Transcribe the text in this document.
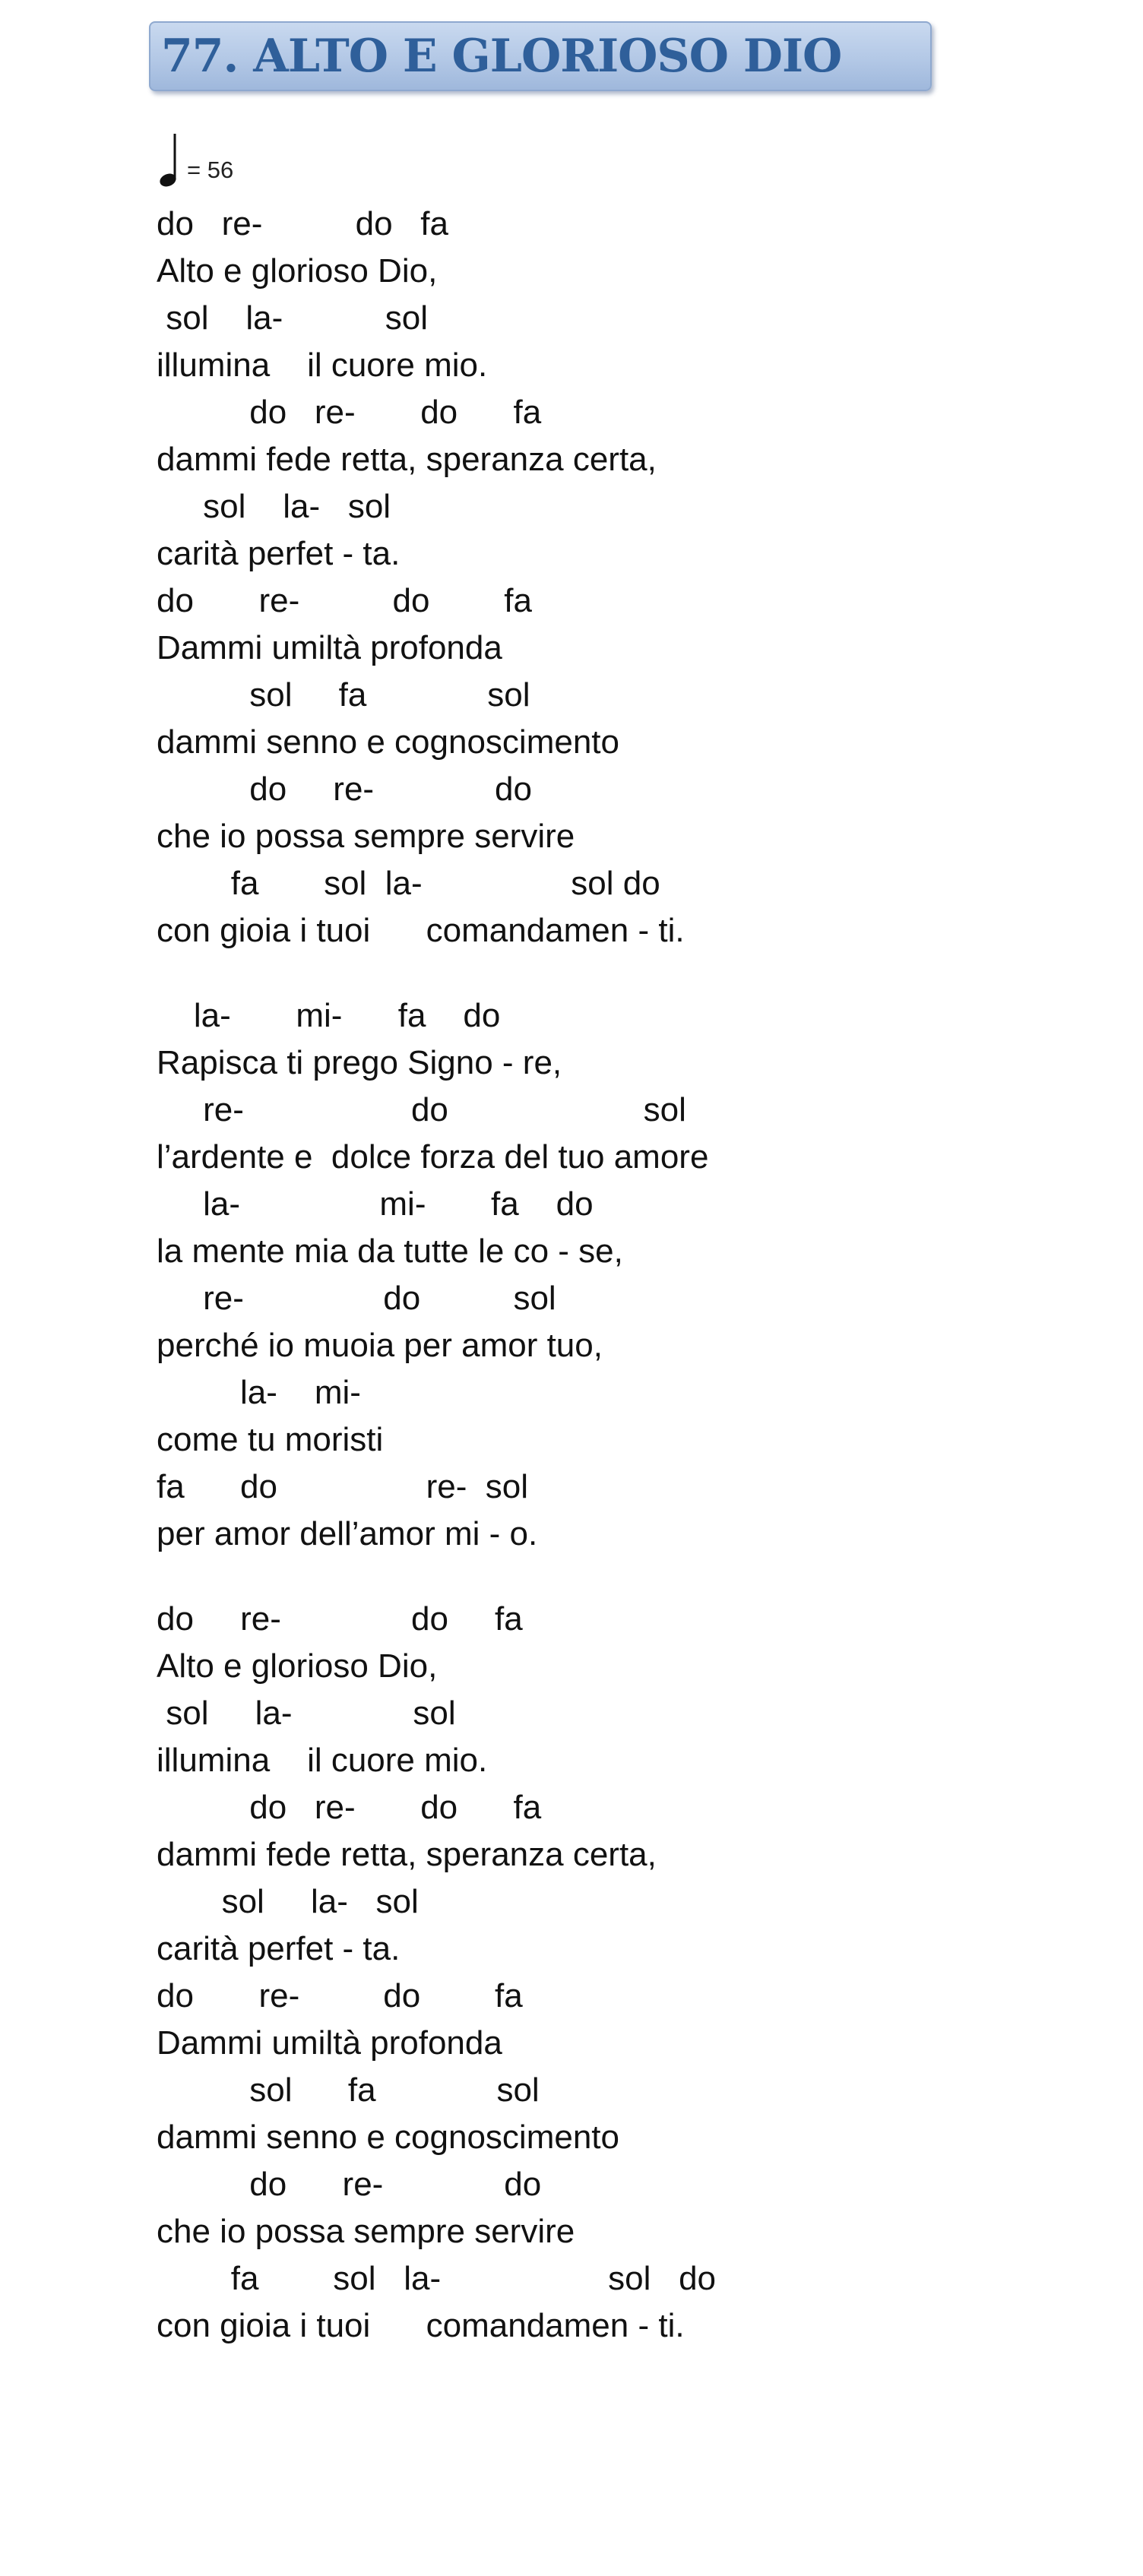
77. ALTO E GLORIOSO DIO
= 56
do   re-          do   fa
Alto e glorioso Dio,
sol    la-           sol
illumina    il cuore mio.
do   re-       do      fa
dammi fede retta, speranza certa,
sol    la-   sol
carità perfet - ta.
do       re-          do        fa
Dammi umiltà profonda
sol     fa             sol
dammi senno e cognoscimento
do     re-             do
che io possa sempre servire
fa       sol  la-                sol do
con gioia i tuoi      comandamen - ti.
la-       mi-      fa    do
Rapisca ti prego Signo - re,
re-                  do                     sol
l’ardente e  dolce forza del tuo amore
la-               mi-       fa    do
la mente mia da tutte le co - se,
re-               do          sol
perché io muoia per amor tuo,
la-    mi-
come tu moristi
fa      do                re-  sol
per amor dell’amor mi - o.
do     re-              do     fa
Alto e glorioso Dio,
sol     la-             sol
illumina    il cuore mio.
do   re-       do      fa
dammi fede retta, speranza certa,
sol     la-   sol
carità perfet - ta.
do       re-         do        fa
Dammi umiltà profonda
sol      fa             sol
dammi senno e cognoscimento
do      re-             do
che io possa sempre servire
fa        sol   la-                  sol   do
con gioia i tuoi      comandamen - ti.
